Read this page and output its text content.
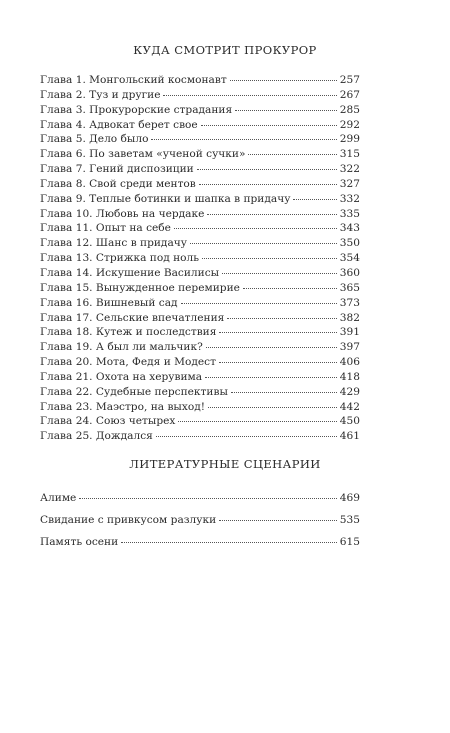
КУДА СМОТРИТ ПРОКУРОР
Глава 1. Монгольский космонавт	257
Глава 2. Туз и другие	267
Глава 3. Прокурорские страдания	285
Глава 4. Адвокат берет свое	292
Глава 5. Дело было	299
Глава 6. По заветам «ученой сучки»	315
Глава 7. Гений диспозиции	322
Глава 8. Свой среди ментов	327
Глава 9. Теплые ботинки и шапка в придачу	332
Глава 10. Любовь на чердаке	335
Глава 11. Опыт на себе	343
Глава 12. Шанс в придачу	350
Глава 13. Стрижка под ноль	354
Глава 14. Искушение Василисы	360
Глава 15. Вынужденное перемирие	365
Глава 16. Вишневый сад	373
Глава 17. Сельские впечатления	382
Глава 18. Кутеж и последствия	391
Глава 19. А был ли мальчик?	397
Глава 20. Мота, Федя и Модест	406
Глава 21. Охота на херувима	418
Глава 22. Судебные перспективы	429
Глава 23. Маэстро, на выход!	442
Глава 24. Союз четырех	450
Глава 25. Дождался	461
ЛИТЕРАТУРНЫЕ СЦЕНАРИИ
Алиме	469
Свидание с привкусом разлуки	535
Память осени	615
